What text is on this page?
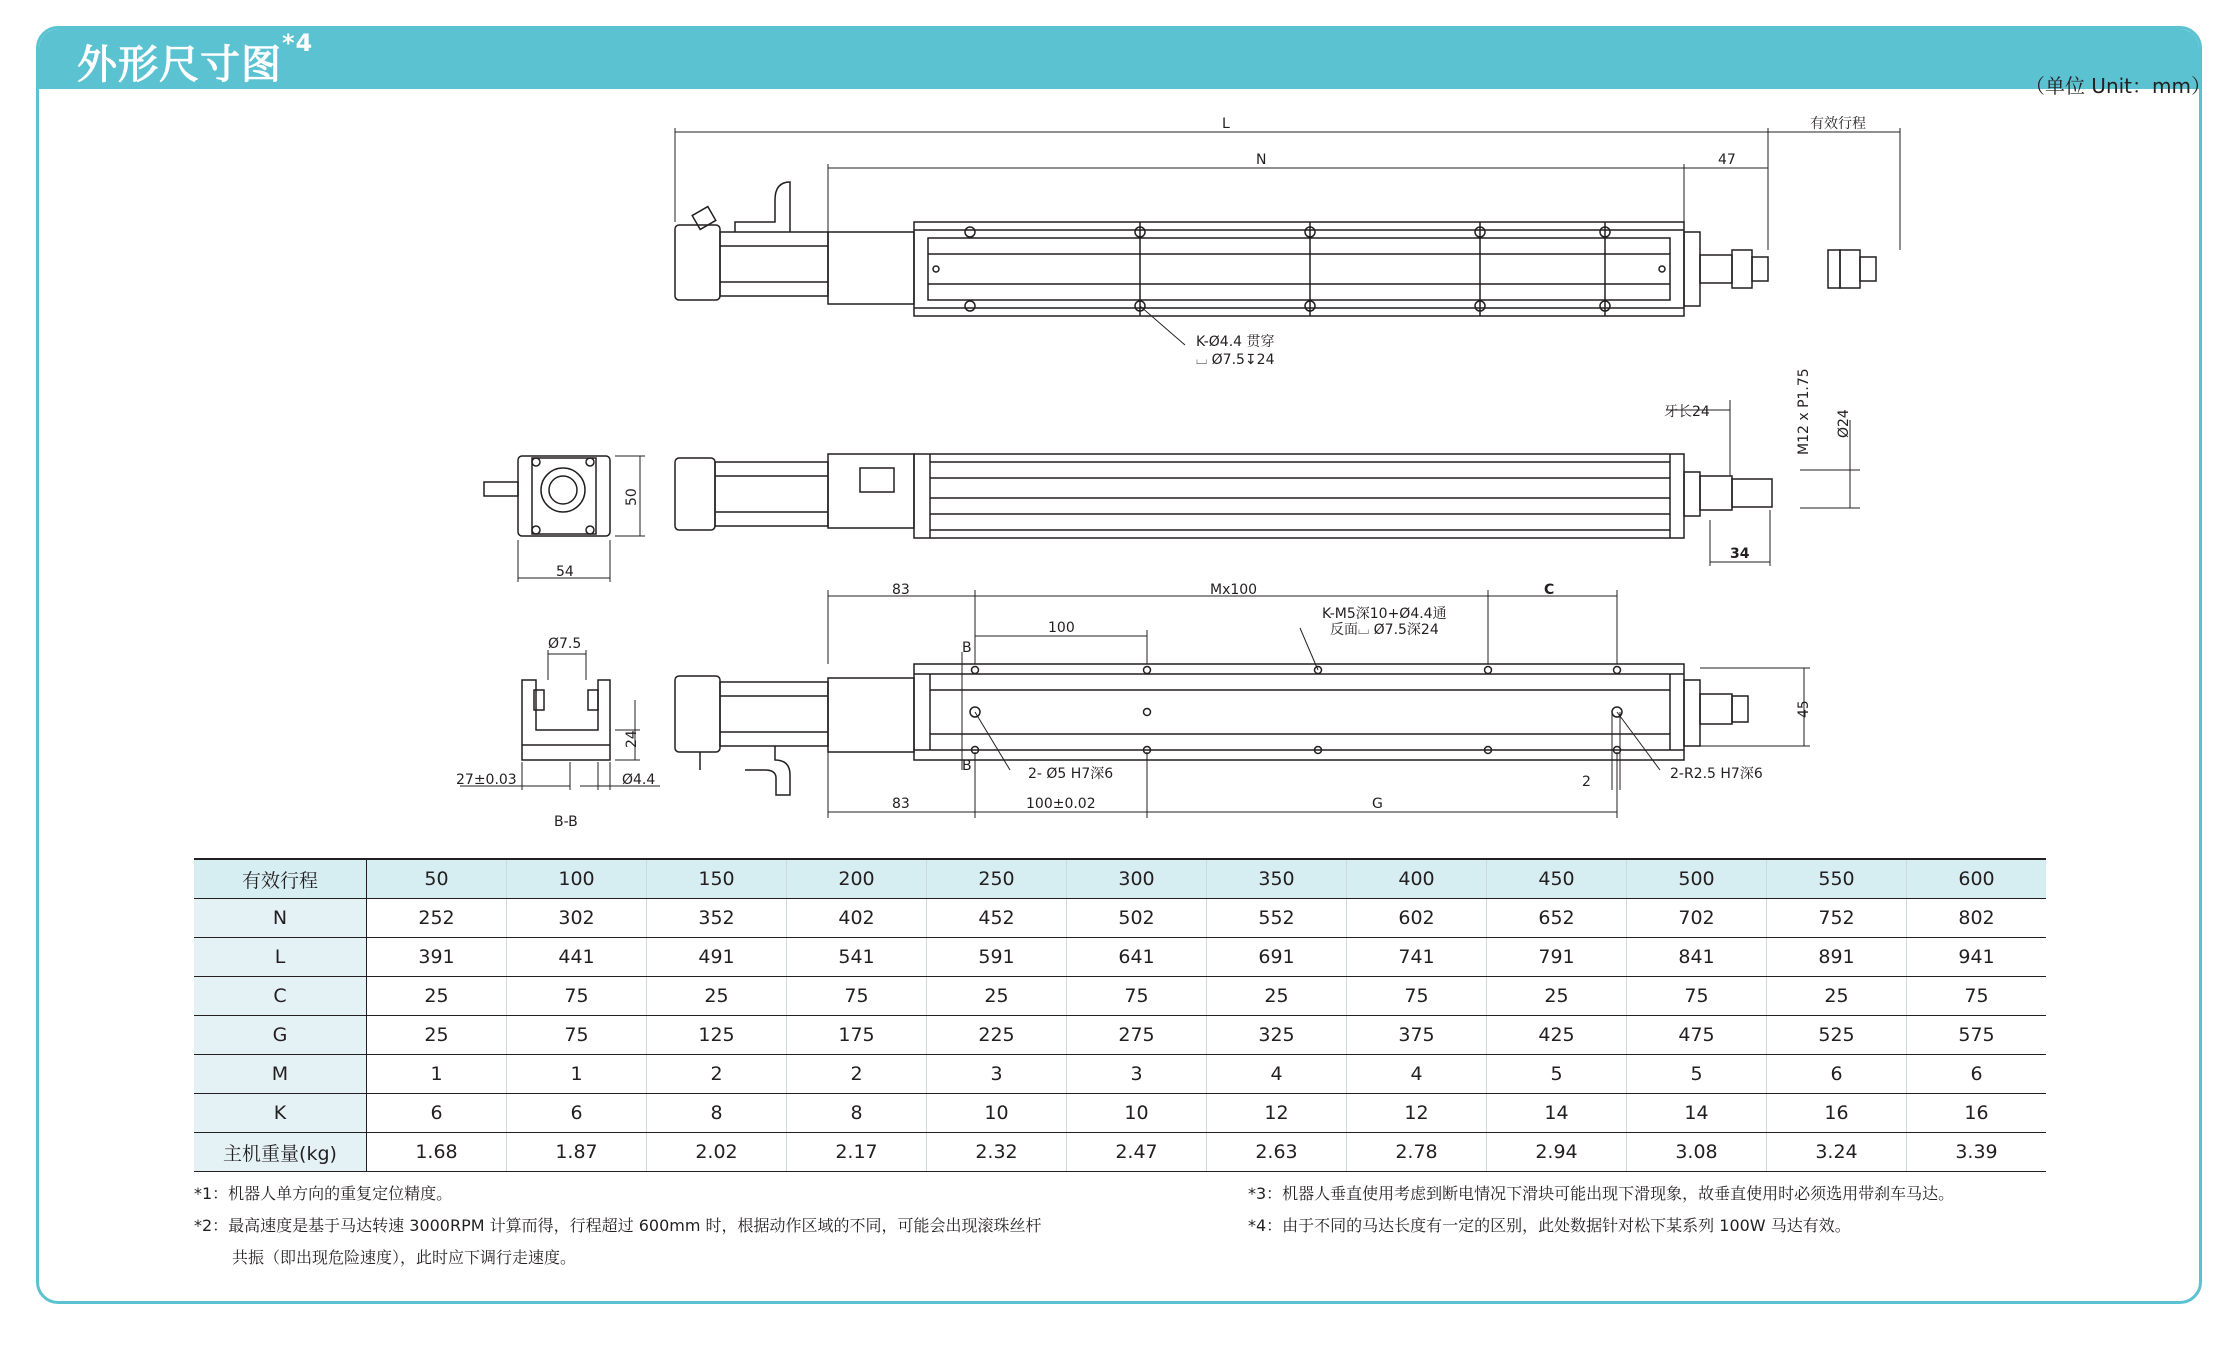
外形尺寸图$^{*4}$
（单位 Unit：mm）
L
N	47
有效行程
K-Ø4.4 贯穿
⌴ Ø7.5↧24
牙长24	M12 x P1.75 Ø24
34
50
54
83	Mx100	C
100
K-M5深10+Ø4.4通
反面⌴ Ø7.5深24
B
B	2- Ø5 H7深6	2-R2.5 H7深6
83	100±0.02	G
2
45
Ø7.5
24
Ø4.4
27±0.03
B-B
有效行程	50	100	150	200	250	300	350	400	450	500	550	600
N	252	302	352	402	452	502	552	602	652	702	752	802
L	391	441	491	541	591	641	691	741	791	841	891	941
C	25	75	25	75	25	75	25	75	25	75	25	75
G	25	75	125	175	225	275	325	375	425	475	525	575
M	1	1	2	2	3	3	4	4	5	5	6	6
K	6	6	8	8	10	10	12	12	14	14	16	16
主机重量(kg)	1.68	1.87	2.02	2.17	2.32	2.47	2.63	2.78	2.94	3.08	3.24	3.39

*1：机器人单方向的重复定位精度。

*2：最高速度是基于马达转速 3000RPM 计算而得，行程超过 600mm 时，根据动作区域的不同，可能会出现滚珠丝杆

共振（即出现危险速度），此时应下调行走速度。

*3：机器人垂直使用考虑到断电情况下滑块可能出现下滑现象，故垂直使用时必须选用带刹车马达。

*4：由于不同的马达长度有一定的区别，此处数据针对松下某系列 100W 马达有效。
